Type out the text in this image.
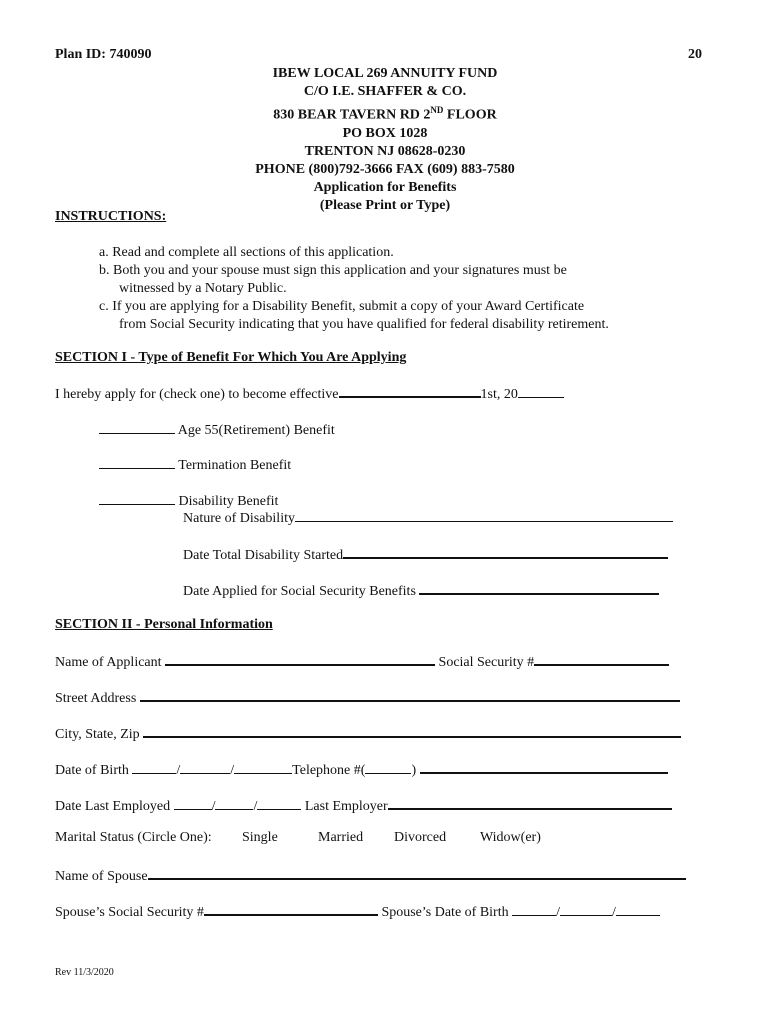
Plan ID: 740090	20
IBEW LOCAL 269 ANNUITY FUND
C/O I.E. SHAFFER & CO.
830 BEAR TAVERN RD 2ND FLOOR
PO BOX 1028
TRENTON NJ 08628-0230
PHONE (800)792-3666 FAX (609) 883-7580
Application for Benefits
(Please Print or Type)
INSTRUCTIONS:
a. Read and complete all sections of this application.
b. Both you and your spouse must sign this application and your signatures must be
witnessed by a Notary Public.
c. If you are applying for a Disability Benefit, submit a copy of your Award Certificate
from Social Security indicating that you have qualified for federal disability retirement.
SECTION I - Type of Benefit For Which You Are Applying
I hereby apply for (check one) to become effective	1st, 20
Age 55(Retirement) Benefit
Termination Benefit
Disability Benefit
Nature of Disability
Date Total Disability Started
Date Applied for Social Security Benefits
SECTION II - Personal Information
Name of Applicant	Social Security #
Street Address
City, State, Zip
Date of Birth	/	/	Telephone #(	)
Date Last Employed	/	/	Last Employer
Marital Status (Circle One): Single	Married Divorced Widow(er)
Name of Spouse
Spouse’s Social Security #	Spouse’s Date of Birth	/	/
Rev 11/3/2020
